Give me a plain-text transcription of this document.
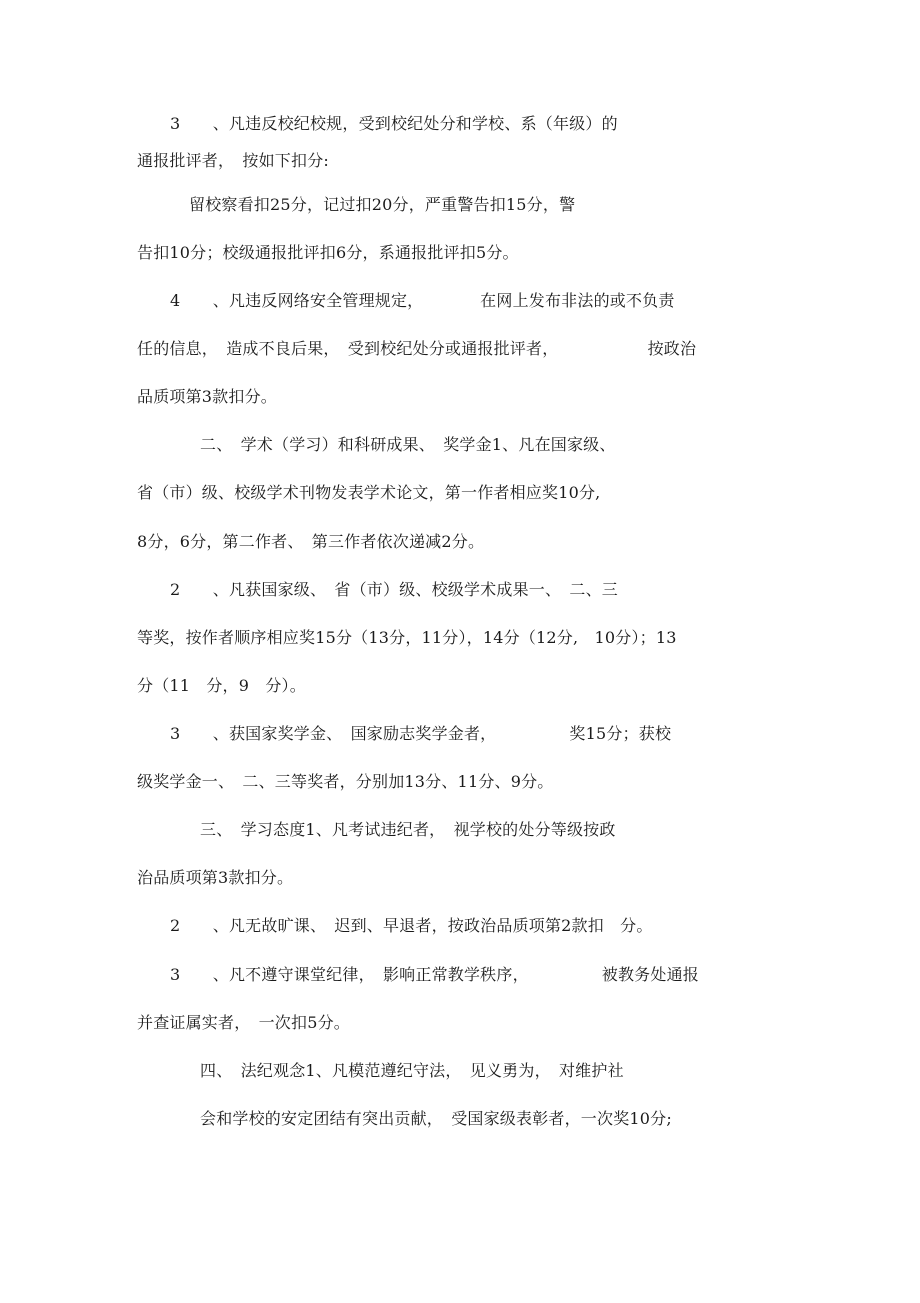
3　　、凡违反校纪校规，受到校纪处分和学校、系（年级）的
通报批评者，　按如下扣分:
留校察看扣25分，记过扣20分，严重警告扣15分，警
告扣10分；校级通报批评扣6分，系通报批评扣5分。
4　　、凡违反网络安全管理规定，　　　　在网上发布非法的或不负责
任的信息，　造成不良后果，　受到校纪处分或通报批评者，　　　　　　按政治
品质项第3款扣分。
二、　学术（学习）和科研成果、　奖学金1、凡在国家级、
省（市）级、校级学术刊物发表学术论文，第一作者相应奖10分,
8分，6分，第二作者、　第三作者依次递减2分。
2　　、凡获国家级、　省（市）级、校级学术成果一、　二、三
等奖，按作者顺序相应奖15分（13分，11分），14分（12分,　10分）；13
分（11　分，9　分）。
3　　、获国家奖学金、　国家励志奖学金者，　　　　　奖15分；获校
级奖学金一、　二、三等奖者，分别加13分、11分、9分。
三、　学习态度1、凡考试违纪者，　视学校的处分等级按政
治品质项第3款扣分。
2　　、凡无故旷课、　迟到、早退者，按政治品质项第2款扣　分。
3　　、凡不遵守课堂纪律，　影响正常教学秩序，　　　　　被教务处通报
并查证属实者，　一次扣5分。
四、　法纪观念1、凡模范遵纪守法，　见义勇为，　对维护社
会和学校的安定团结有突出贡献，　受国家级表彰者，一次奖10分;
